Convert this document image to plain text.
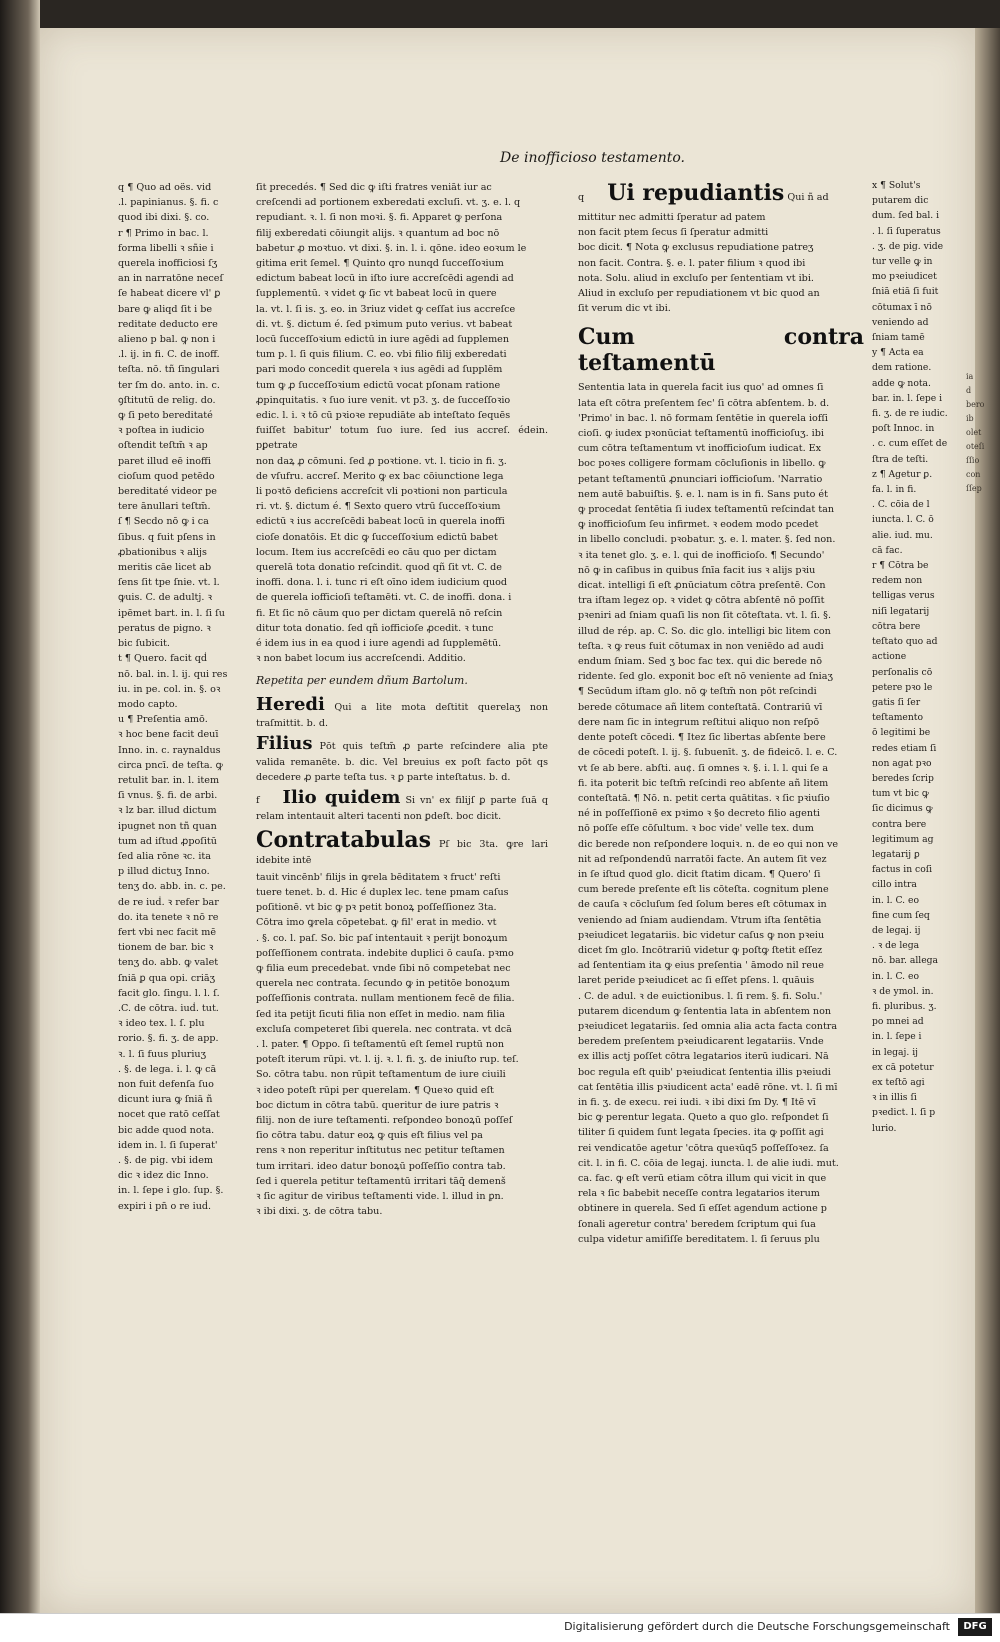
De inofficioso testamento.
q ¶ Quo ad oës. vid
.l. papinianus. §. fi. c
quod ibi dixi. §. co.
r ¶ Primo in bac. l.
forma libelli ꝛ sñie i
querela inofficiosi ſʒ
an in narratōne neceſ
ſe habeat dicere vl' ꝑ
bare ꝙ aliqd ſit i be
reditate deducto ere
alieno p bal. ꝙ non i
.l. ij. in fi. C. de inoff.
teſta. nō. tñ ſingulari
ter ſm do. anto. in. c.
ꝯſtitutū de relig. do.
ꝙ ſi peto bereditaté
ꝛ poſtea in iudicio
oſtendit teſtm̄ ꝛ ap
paret illud eē inoffi
cioſum quod petēdo
bereditaté videor pe
tere ānullari teſtm̄.
ſ ¶ Secdo nō ꝙ i ca
ſibus. q fuit pſens in
ꝓbationibus ꝛ alijs
meritis cāe licet ab
ſens ſit tpe ſnie. vt. l.
ꝙuis. C. de adultj. ꝛ
ipēmet bart. in. l. ſi ſu
peratus de pigno. ꝛ
bic ſubicit.
t ¶ Quero. facit qḋ
nō. bal. in. l. ij. qui res
iu. in pe. col. in. §. oꝛ
modo capto.
u ¶ Preſentia amō.
ꝛ hoc bene facit deuī
Inno. in. c. raynaldus
circa pncī. de teſta. ꝙ
retulit bar. in. l. item
ſi vnus. §. fi. de arbi.
ꝛ lz bar. illud dictum
ipugnet non tñ quan
tum ad iſtud ꝓpoſitū
ſed alia rōne ꝛc. ita
p illud dictuʒ Inno.
tenʒ do. abb. in. c. pe.
de re iuḋ. ꝛ refer bar
do. ita tenete ꝛ nō re
fert vbi nec facit mē
tionem de bar. bic ꝛ
tenʒ do. abb. ꝙ valet
ſniā ꝑ qua opi. criāʒ
facit glo. ſingu. l. l. ſ.
.C. de cōtra. iuḋ. tut.
ꝛ ideo tex. l. ſ. plu
rorio. §. fi. ʒ. de app.
ꝛ. l. ſi fuus pluriuʒ
. §. de lega. i. l. ꝙ cā
non fuit defenſa ſuo
dicunt iura ꝙ ſniā ñ
nocet que ratō ceſſat
bic adde quod nota.
idem in. l. ſi ſuperat'
. §. de pig. vbi idem
dic ꝛ idez dic Inno.
in. l. ſepe i glo. ſup. §.
expiri i pn̄ o re iuḋ.
ſit precedés. ¶ Sed dic ꝙ iſti fratres veniāt iur ac
creſcendi ad portionem exberedati excluſi. vt. ʒ. e. l. q
repudiant. ꝛ. l. ſi non moꝛi. §. fi. Apparet ꝙ perſona
filij exberedati cōiungit alijs. ꝛ quantum ad boc nō
babetur ꝓ moꝛtuo. vt dixi. §. in. l. i. qōne. ideo eoꝛum le
gitima erit ſemel. ¶ Quinto qro nunqd ſucceſſoꝛium
edictum babeat locū in iſto iure accreſcēdi agendi ad
ſupplementū. ꝛ videt ꝙ ſic vt babeat locū in quere
la. vt. l. ſi is. ʒ. eo. in 3riuz videt ꝙ ceſſat ius accreſce
di. vt. §. dictum é. ſed pꝛimum puto verius. vt babeat
locū ſucceſſoꝛium edictū in iure agēdi ad ſupplemen
tum p. l. ſi quis filium. C. eo. vbi filio filij exberedati
pari modo concedit querela ꝛ ius agēdi ad ſupplēm
tum ꝙ ꝓ ſucceſſoꝛium edictū vocat pſonam ratione
ꝓpinquitatis. ꝛ ſuo iure venit. vt p3. ʒ. de ſucceſſoꝛio
edic. l. i. ꝛ tō cū pꝛioꝛe repudiāte ab inteſtato ſequēs
fuiſſet babitur' totum ſuo iure. ſed ius accreſ. édein. pꝑetrate
non daꝝ ꝓ cōmuni. ſed ꝓ poꝛtione. vt. l. ticio in fi. ʒ.
de vſufru. accreſ. Merito ꝙ ex bac cōiunctione lega
li poꝛtō deficiens accreſcit vli poꝛtioni non particula
ri. vt. §. dictum é. ¶ Sexto quero vtrū ſucceſſoꝛium
edictū ꝛ ius accreſcēdi babeat locū in querela inoffi
cioſe donatōis. Et dic ꝙ ſucceſſoꝛium edictū babet
locum. Item ius accreſcēdi eo cāu quo per dictam
querelā tota donatio reſcindit. quod qñ ſit vt. C. de
inoffi. dona. l. i. tunc ri eſt oīno idem iudicium quod
de querela iofficioſi teſtamēti. vt. C. de inoffi. dona. i
fi. Et ſic nō cāum quo per dictam querelā nō reſcin
ditur tota donatio. ſed qñ iofficioſe ꝓcedit. ꝛ tunc
é idem ius in ea quod i iure agendi ad ſupplemētū.
ꝛ non babet locum ius accreſcendi. Additio.
Repetita per eundem dñum Bartolum.
Heredi Qui a lite mota deſtitit querelaʒ non traſmittit. b. d.
Filius Pōt quis teſtm̄ ꝓ parte reſcindere alia pte valida remanēte. b. dic. Vel breuius ex poſt facto pōt qs decedere ꝓ parte teſta tus. ꝛ ꝑ parte inteſtatus. b. d.
f Ilio quidem Si vn' ex filijſ ꝑ parte ſuā q relam intentauit alteri tacenti non ꝑdeſt. boc dicit.
Contratabulas Pſ bic 3ta. ꝙre lari idebite intē
tauit vincēnb' filijs in ꝙrela bēditatem ꝛ fruct' reſti
tuere tenet. b. d. Hic é duplex lec. tene pmam caſus
poſitionē. vt bic ꝙ pꝛ petit bonoꝝ poſſeſſionez 3ta.
Cōtra imo ꝙrela cōpetebat. ꝙ fil' erat in medio. vt
. §. co. l. paſ. So. bic paſ intentauit ꝛ perijt bonoꝝum
poſſeſſionem contrata. indebite duplici ō cauſa. pꝛmo
ꝙ filia eum precedebat. vnde ſibi nō competebat nec
querela nec contrata. ſecundo ꝙ in petitōe bonoꝝum
poſſeſſionis contrata. nullam mentionem fecē de filia.
ſed ita petijt ſicuti filia non eſſet in medio. nam filia
excluſa competeret ſibi querela. nec contrata. vt dcā
. l. pater. ¶ Oppo. ſi teſtamentū eſt ſemel ruptū non
poteſt iterum rūpi. vt. l. ij. ꝛ. l. fi. ʒ. de iniuſto rup. teſ.
So. cōtra tabu. non rūpit teſtamentum de iure ciuili
ꝛ ideo poteſt rūpi per querelam. ¶ Queꝛo quid eſt
boc dictum in cōtra tabū. queritur de iure patris ꝛ
filij. non de iure teſtamenti. reſpondeo bonoꝝū poſſeſ
ſio cōtra tabu. datur eoꝝ ꝙ quis eſt filius vel pa
rens ꝛ non reperitur inſtitutus nec petitur teſtamen
tum irritari. ideo datur bonoꝝū poſſeſſio contra tab.
ſed i querela petitur teſtamentū irritari tāq̄ demenš
ꝛ ſic agitur de viribus teſtamenti vide. l. illud in ꝑn.
ꝛ ibi dixi. ʒ. de cōtra tabu.
q Ui repudiantis Qui ñ ad
mittitur nec admitti ſperatur ad patem
non facit ptem ſecus ſi ſperatur admitti
boc dicit. ¶ Nota ꝙ exclusus repudiatione patreʒ
non facit. Contra. §. e. l. pater filium ꝛ quod ibi
nota. Solu. aliud in excluſo per ſententiam vt ibi.
Aliud in excluſo per repudiationem vt bic quod an
ſit verum dic vt ibi.
Cum contra teſtamentū
Sententia lata in querela facit ius quo' ad omnes ſi
lata eſt cōtra preſentem ſec' ſi cōtra abſentem. b. d.
'Primo' in bac. l. nō formam ſentētie in querela iofſi
cioſi. ꝙ iudex pꝛonūciat teſtamentū inofficioſuʒ. ibi
cum cōtra teſtamentum vt inofficioſum iudicat. Ex
boc poꝛes colligere formam cōcluſionis in libello. ꝙ
petant teſtamentū ꝓnunciari iofficioſum. 'Narratio
nem autē babuiſtis. §. e. l. nam is in fi. Sans puto ét
ꝙ procedat ſentētia ſi iudex teſtamentū reſcindat tan
ꝙ inofficioſum ſeu infirmet. ꝛ eodem modo pcedet
in libello concludi. pꝛobatur. ʒ. e. l. mater. §. ſed non.
ꝛ ita tenet glo. ʒ. e. l. qui de inofficioſo. ¶ Secundo'
nō ꝙ in caſibus in quibus ſnīa facit ius ꝛ alijs pꝛiu
dicat. intelligi ſi eſt ꝓnūciatum cōtra preſentē. Con
tra iſtam legez op. ꝛ videt ꝙ cōtra abſentē nō poſſit
pꝛeniri ad ſniam quaſi lis non ſit cōteſtata. vt. l. ſi. §.
illud de rép. ap. C. So. dic glo. intelligi bic litem con
teſta. ꝛ ꝙ reus fuit cōtumax in non veniēdo ad audi
endum ſniam. Sed ʒ boc fac tex. qui dic berede nō
ridente. ſed glo. exponit boc eſt nō veniente ad ſniaʒ
¶ Secūdum iſtam glo. nō ꝙ teſtm̄ non pōt reſcindi
berede cōtumace añ litem conteſtatā. Contrariū vī
dere nam ſic in integrum reſtitui aliquo non reſpō
dente poteſt cōcedi. ¶ Itez ſic libertas abſente bere
de cōcedi poteſt. l. ij. §. ſubuenīt. ʒ. de fideicō. l. e. C.
vt ſe ab bere. abſti. au¢. ſi omnes ꝛ. §. i. l. l. qui ſe a
fi. ita poterit bic teſtm̄ reſcindi reo abſente añ litem
conteſtatā. ¶ Nō. n. petit certa quātitas. ꝛ ſic pꝛiuſio
né in poſſeſſionē ex pꝛimo ꝛ §o decreto filio agenti
nō poſſe eſſe cōſultum. ꝛ boc vide' velle tex. dum
dic berede non reſpondere loquiꝛ. n. de eo qui non ve
nit ad reſpondendū narratōi facte. An autem ſit vez
in ſe iſtud quod glo. dicit ſtatim dicam. ¶ Quero' ſi
cum berede preſente eſt lis cōteſta. cognitum plene
de cauſa ꝛ cōcluſum ſed ſolum beres eſt cōtumax in
veniendo ad ſniam audiendam. Vtrum iſta ſentētia
pꝛeiudicet legatariis. bic videtur caſus ꝙ non pꝛeiu
dicet ſm glo. Incōtrariū videtur ꝙ poſtꝙ ſtetit eſſez
ad ſententiam ita ꝙ eius preſentia ' āmodo nil reue
laret peride pꝛeiudicet ac ſi eſſet pſens. l. quāuis
. C. de adul. ꝛ de euictionibus. l. ſi rem. §. fi. Solu.'
putarem dicendum ꝙ ſententia lata in abſentem non
pꝛeiudicet legatariis. ſed omnia alia acta facta contra
beredem preſentem pꝛeiudicarent legatariis. Vnde
ex illis actj poſſet cōtra legatarios iterū iudicari. Nā
boc regula eſt quib' pꝛeiudicat ſententia illis pꝛeiudi
cat ſentētia illis pꝛiudicent acta' eadē rōne. vt. l. ſi mī
in fi. ʒ. de execu. rei iudi. ꝛ ibi dixi ſm Dy. ¶ Itē vī
bic ꝙ perentur legata. Queto a quo glo. reſpondet ſi
tiliter ſi quidem ſunt legata ſpecies. ita ꝙ poſſit agi
rei vendicatōe agetur 'cōtra queꝛūq5 poſſeſſoꝛez. ſa
cit. l. in fi. C. cōia de legaj. iuncta. l. de alie iudi. mut.
ca. fac. ꝙ eſt verū etiam cōtra illum qui vicit in que
rela ꝛ ſic babebit neceſſe contra legatarios iterum
obtinere in querela. Sed ſi eſſet agendum actione p
ſonali ageretur contra' beredem ſcriptum qui ſua
culpa videtur amiſiſſe bereditatem. l. ſi ſeruus plu
x ¶ Solut's
putarem dic
dum. ſed bal. i
. l. ſi ſuperatus
. ʒ. de pig. vide
tur velle ꝙ in
mo pꝛeiudicet
ſniā etiā ſi fuit
cōtumax ī nō
veniendo ad
ſniam tamē
y ¶ Acta ea
dem ratione.
adde ꝙ nota.
bar. in. l. ſepe i
fi. ʒ. de re iudic.
poſt Innoc. in
. c. cum eſſet de
ſtra de teſti.
z ¶ Agetur ꝑ.
fa. l. in fi.
. C. cōia de l
iuncta. l. C. ō
alie. iud. mu.
cā fac.
r ¶ Cōtra be
redem non
telligas verus
niſi legatarij
cōtra bere
teſtato quo ad
actione
perſonalis cō
petere pꝛo le
gatis ſi ſer
teſtamento
ō legitimi be
redes etiam ſi
non agat pꝛo
beredes ſcrip
tum vt bic ꝙ
ſic dicimus ꝙ
contra bere
legitimum ag
legatarij ꝑ
factus in coſi
cillo intra
in. l. C. eo
fine cum ſeq
de legaj. ij
. ꝛ de lega
nō. bar. allega
in. l. C. eo
ꝛ de ymol. in.
fi. pluribus. ʒ.
po mnei ad
in. l. ſepe i
in legaj. ij
ex cā potetur
ex teſtō agi
ꝛ in illis ſi
pꝛedict. l. ſi p
lurio.
ia d
bero
ib
olet
oteſi
ſſio
con
ſſep
Digitalisierung gefördert durch die Deutsche Forschungsgemeinschaft	DFG
